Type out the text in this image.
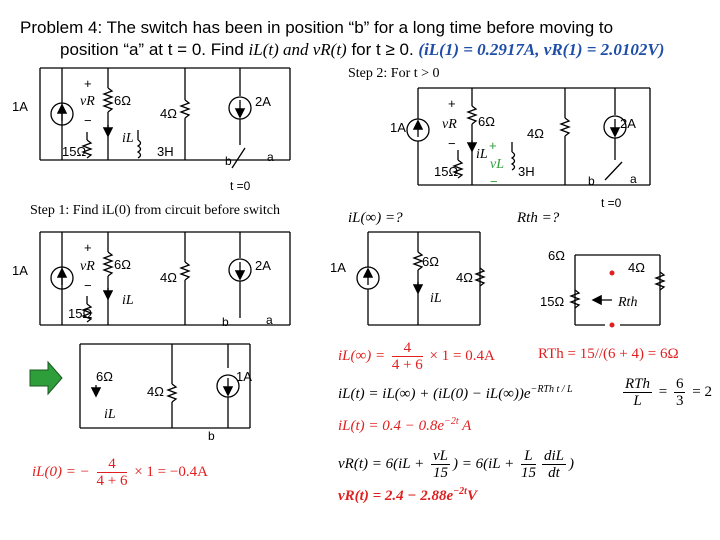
Problem 4: The switch has been in position “b” for a long time before moving to
position “a” at t = 0. Find iL(t) and vR(t) for t ≥ 0. (iL(1) = 0.2917A, vR(1) = 2.0102V)
Step 2: For t > 0
Step 1: Find iL(0) from circuit before switch	iL(∞) =?	Rth =?
1A
+
vR
−
6Ω
iL
4Ω
15Ω	3H
2A
b	a
t =0
1A
+
vR
−
6Ω
iL
+
vL
−
4Ω
15Ω	3H
2A
b	a
t =0
1A
+
vR
−
6Ω
iL
4Ω
15Ω
2A
b	a
6Ω
iL
4Ω
1A
b
1A	6Ω
iL
4Ω
6Ω
4Ω
15Ω	Rth
iL(0) = − $\frac{4}{4 + 6} \times 1 = -0.4A$
$iL(\infty) = \frac{4}{4 + 6} \times 1 = 0.4A$	RTh = 15//(6 + 4) = 6Ω
$iL(t) = iL(\infty) + (iL(0) - iL(\infty))e^{-RTh t / L}$	$\frac{\text{RTh}}{L} = \frac{6}{3} = 2$
$iL(t) = 0.4 - 0.8e^{-2t}$ A
$vR(t) = 6(iL + \frac{vL}{15}$ ) = $6(iL + \frac{L}{15} \frac{\text{diL}}{dt}$ )
$vR(t) = 2.4 - 2.88e^{-2t}V$
